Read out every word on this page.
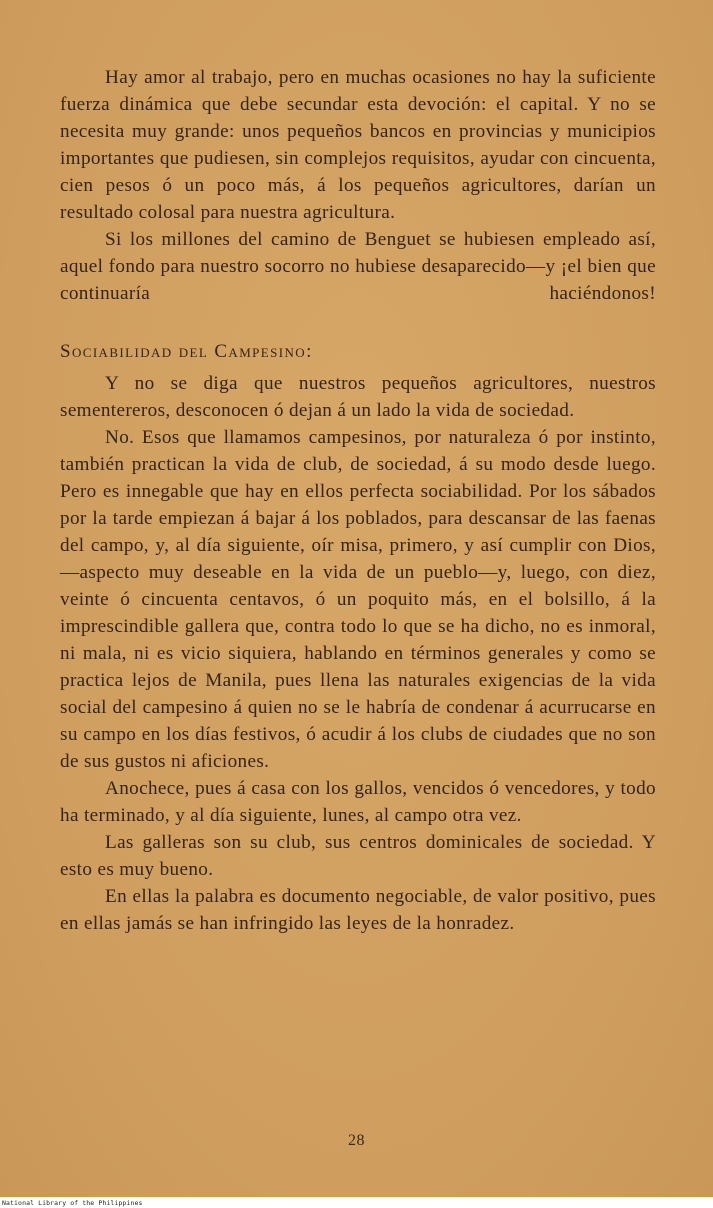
Hay amor al trabajo, pero en muchas ocasiones no hay la suficiente fuerza dinámica que debe secundar esta devoción: el capital. Y no se necesita muy grande: unos pequeños bancos en provincias y municipios importantes que pudiesen, sin complejos requisitos, ayudar con cincuenta, cien pesos ó un poco más, á los pequeños agricultores, darían un resultado colosal para nuestra agricultura.

Si los millones del camino de Benguet se hubiesen empleado así, aquel fondo para nuestro socorro no hubiese desaparecido—y ¡el bien que continuaría haciéndonos!

Sociabilidad del Campesino:

Y no se diga que nuestros pequeños agricultores, nuestros sementereros, desconocen ó dejan á un lado la vida de sociedad.

No. Esos que llamamos campesinos, por naturaleza ó por instinto, también practican la vida de club, de sociedad, á su modo desde luego. Pero es innegable que hay en ellos perfecta sociabilidad. Por los sábados por la tarde empiezan á bajar á los poblados, para descansar de las faenas del campo, y, al día siguiente, oír misa, primero, y así cumplir con Dios,—aspecto muy deseable en la vida de un pueblo—y, luego, con diez, veinte ó cincuenta centavos, ó un poquito más, en el bolsillo, á la imprescindible gallera que, contra todo lo que se ha dicho, no es inmoral, ni mala, ni es vicio siquiera, hablando en términos generales y como se practica lejos de Manila, pues llena las naturales exigencias de la vida social del campesino á quien no se le habría de condenar á acurrucarse en su campo en los días festivos, ó acudir á los clubs de ciudades que no son de sus gustos ni aficiones.

Anochece, pues á casa con los gallos, vencidos ó vencedores, y todo ha terminado, y al día siguiente, lunes, al campo otra vez.

Las galleras son su club, sus centros dominicales de sociedad. Y esto es muy bueno.

En ellas la palabra es documento negociable, de valor positivo, pues en ellas jamás se han infringido las leyes de la honradez.

28
National Library of the Philippines
